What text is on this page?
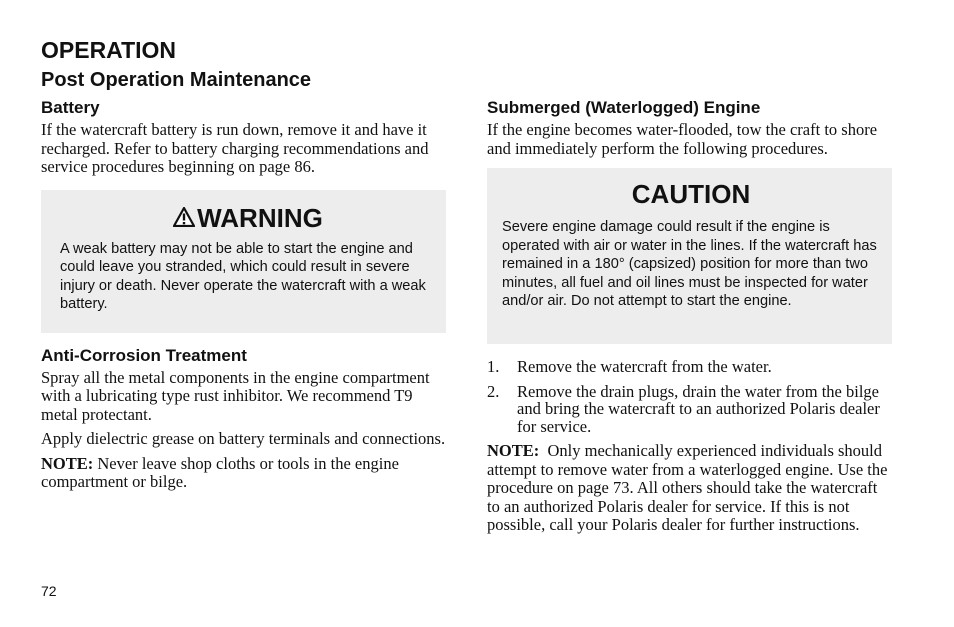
OPERATION
Post Operation Maintenance
Battery

If the watercraft battery is run down, remove it and have it recharged. Refer to battery charging recommendations and service procedures beginning on page 86.

WARNING
A weak battery may not be able to start the engine and could leave you stranded, which could result in severe injury or death. Never operate the watercraft with a weak battery.
Anti-Corrosion Treatment

Spray all the metal components in the engine compartment with a lubricating type rust inhibitor. We recommend T9 metal protectant.

Apply dielectric grease on battery terminals and connections.

NOTE: Never leave shop cloths or tools in the engine compartment or bilge.

Submerged (Waterlogged) Engine

If the engine becomes water-flooded, tow the craft to shore and immediately perform the following procedures.

CAUTION
Severe engine damage could result if the engine is operated with air or water in the lines. If the watercraft has remained in a 180° (capsized) position for more than two minutes, all fuel and oil lines must be inspected for water and/or air. Do not attempt to start the engine.
1.	Remove the watercraft from the water.
2.	Remove the drain plugs, drain the water from the bilge and bring the watercraft to an authorized Polaris dealer for service.

NOTE:  Only mechanically experienced individuals should attempt to remove water from a waterlogged engine. Use the procedure on page 73. All others should take the watercraft to an authorized Polaris dealer for service. If this is not possible, call your Polaris dealer for further instructions.

72
